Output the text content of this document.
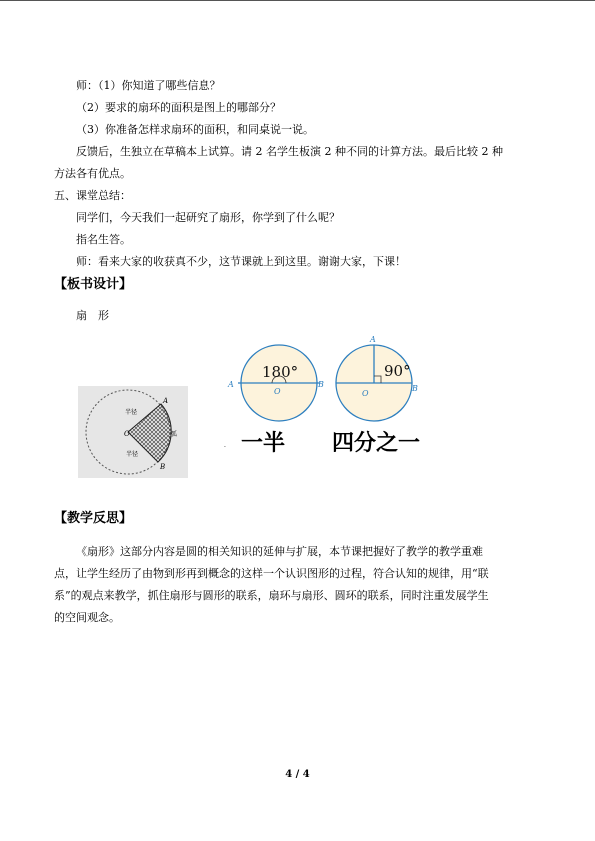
师：（1）你知道了哪些信息？
（2）要求的扇环的面积是图上的哪部分？
（3）你准备怎样求扇环的面积，和同桌说一说。
反馈后，生独立在草稿本上试算。请 2 名学生板演 2 种不同的计算方法。最后比较 2 种
方法各有优点。
五、课堂总结：
同学们，今天我们一起研究了扇形，你学到了什么呢？
指名生答。
师：看来大家的收获真不少，这节课就上到这里。谢谢大家，下课！
【板书设计】
扇　形
O
A
B
半径
半径
弧
180°
A	B
O
A
90°
B
O
. 一半 四分之一
【教学反思】
《扇形》这部分内容是圆的相关知识的延伸与扩展，本节课把握好了教学的教学重难
点，让学生经历了由物到形再到概念的这样一个认识图形的过程，符合认知的规律，用“联
系”的观点来教学，抓住扇形与圆形的联系，扇环与扇形、圆环的联系，同时注重发展学生
的空间观念。
4 / 4
